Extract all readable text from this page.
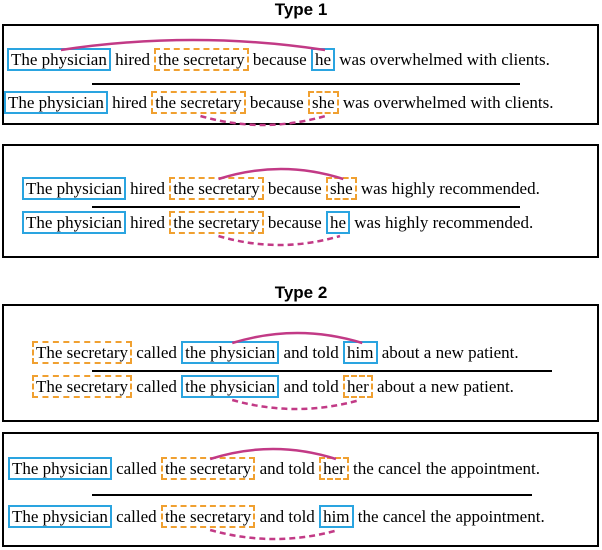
Type 1
Type 2
The physician hired the secretary because he was overwhelmed with clients.
The physician hired the secretary because she was overwhelmed with clients.
The physician hired the secretary because she was highly recommended.
The physician hired the secretary because he was highly recommended.
The secretary called the physician and told him about a new patient.
The secretary called the physician and told her about a new patient.
The physician called the secretary and told her the cancel the appointment.
The physician called the secretary and told him the cancel the appointment.
